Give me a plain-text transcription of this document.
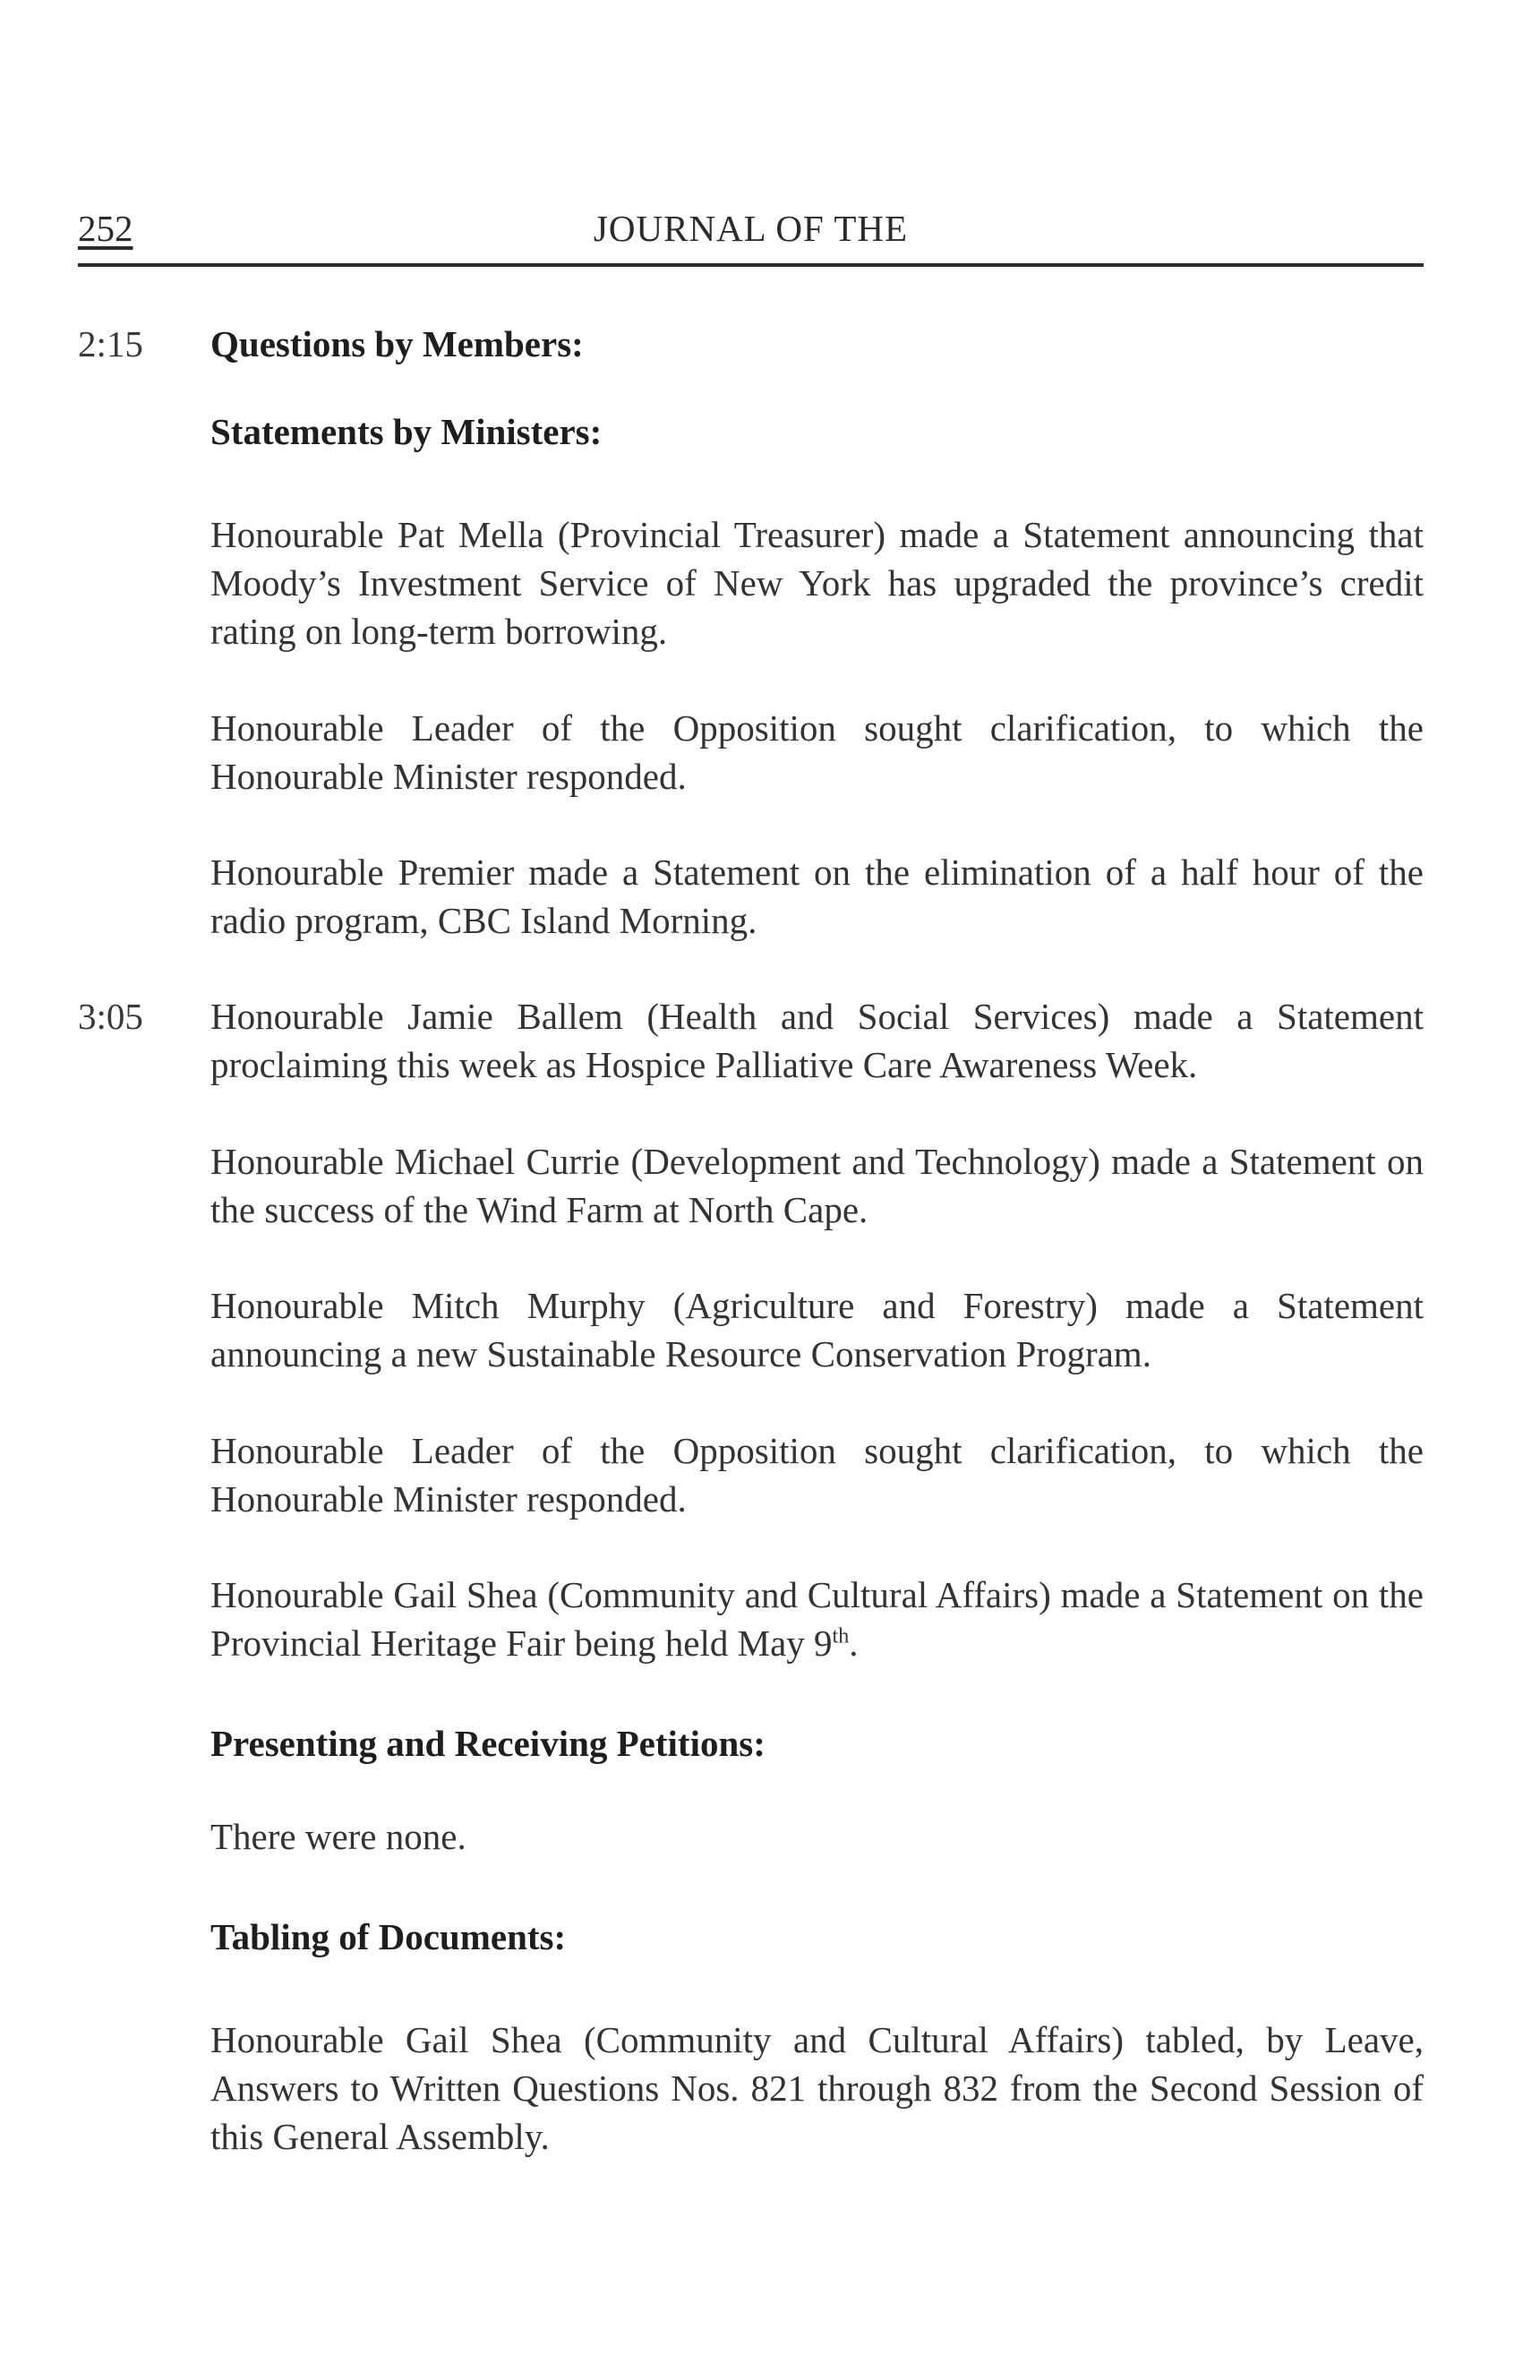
252	JOURNAL OF THE
2:15 Questions by Members:
Statements by Ministers:
Honourable Pat Mella (Provincial Treasurer) made a Statement announcing that Moody’s Investment Service of New York has upgraded the province’s credit rating on long-term borrowing.
Honourable Leader of the Opposition sought clarification, to which the Honourable Minister responded.
Honourable Premier made a Statement on the elimination of a half hour of the radio program, CBC Island Morning.
3:05 Honourable Jamie Ballem (Health and Social Services) made a Statement proclaiming this week as Hospice Palliative Care Awareness Week.
Honourable Michael Currie (Development and Technology) made a Statement on the success of the Wind Farm at North Cape.
Honourable Mitch Murphy (Agriculture and Forestry) made a Statement announcing a new Sustainable Resource Conservation Program.
Honourable Leader of the Opposition sought clarification, to which the Honourable Minister responded.
Honourable Gail Shea (Community and Cultural Affairs) made a Statement on the Provincial Heritage Fair being held May 9th.
Presenting and Receiving Petitions:
There were none.
Tabling of Documents:
Honourable Gail Shea (Community and Cultural Affairs) tabled, by Leave, Answers to Written Questions Nos. 821 through 832 from the Second Session of this General Assembly.
